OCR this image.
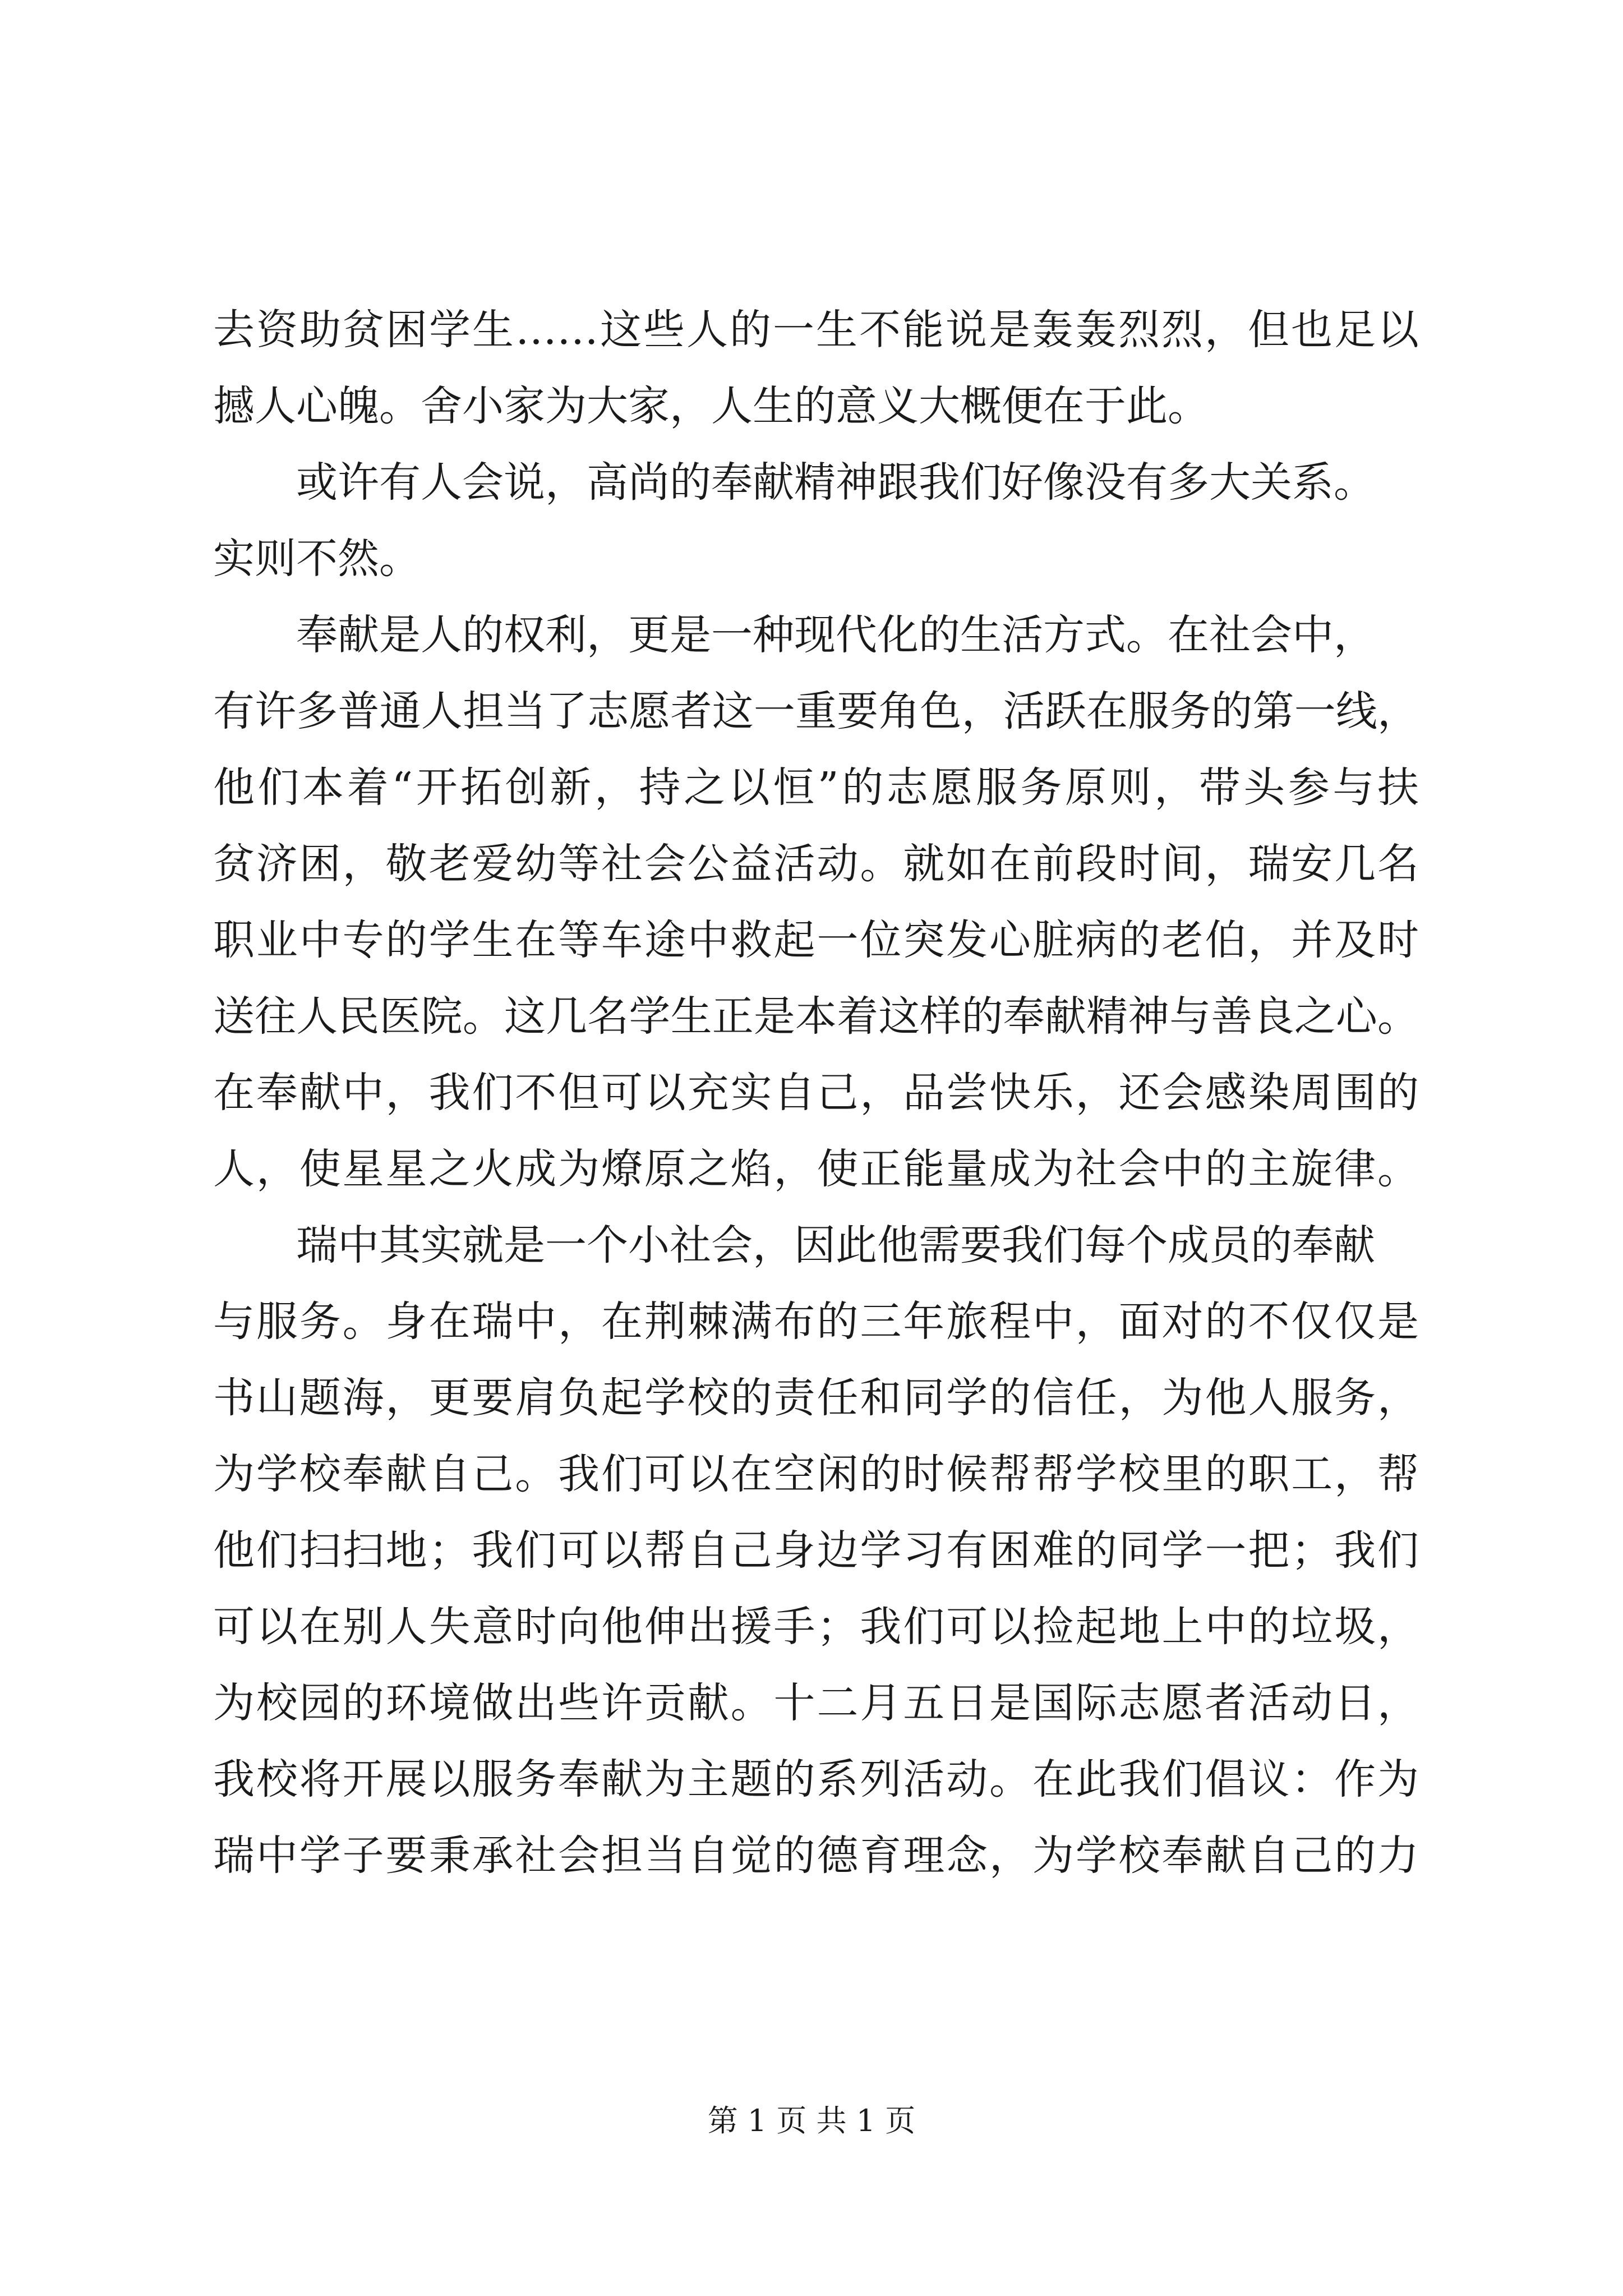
去资助贫困学生……这些人的一生不能说是轰轰烈烈，但也足以
撼人心魄。舍小家为大家，人生的意义大概便在于此。
或许有人会说，高尚的奉献精神跟我们好像没有多大关系。
实则不然。
奉献是人的权利，更是一种现代化的生活方式。在社会中，
有许多普通人担当了志愿者这一重要角色，活跃在服务的第一线，
他们本着“开拓创新，持之以恒”的志愿服务原则，带头参与扶
贫济困，敬老爱幼等社会公益活动。就如在前段时间，瑞安几名
职业中专的学生在等车途中救起一位突发心脏病的老伯，并及时
送往人民医院。这几名学生正是本着这样的奉献精神与善良之心。
在奉献中，我们不但可以充实自己，品尝快乐，还会感染周围的
人，使星星之火成为燎原之焰，使正能量成为社会中的主旋律。
瑞中其实就是一个小社会，因此他需要我们每个成员的奉献
与服务。身在瑞中，在荆棘满布的三年旅程中，面对的不仅仅是
书山题海，更要肩负起学校的责任和同学的信任，为他人服务，
为学校奉献自己。我们可以在空闲的时候帮帮学校里的职工，帮
他们扫扫地；我们可以帮自己身边学习有困难的同学一把；我们
可以在别人失意时向他伸出援手；我们可以捡起地上中的垃圾，
为校园的环境做出些许贡献。十二月五日是国际志愿者活动日，
我校将开展以服务奉献为主题的系列活动。在此我们倡议：作为
瑞中学子要秉承社会担当自觉的德育理念，为学校奉献自己的力
第 1 页 共 1 页
